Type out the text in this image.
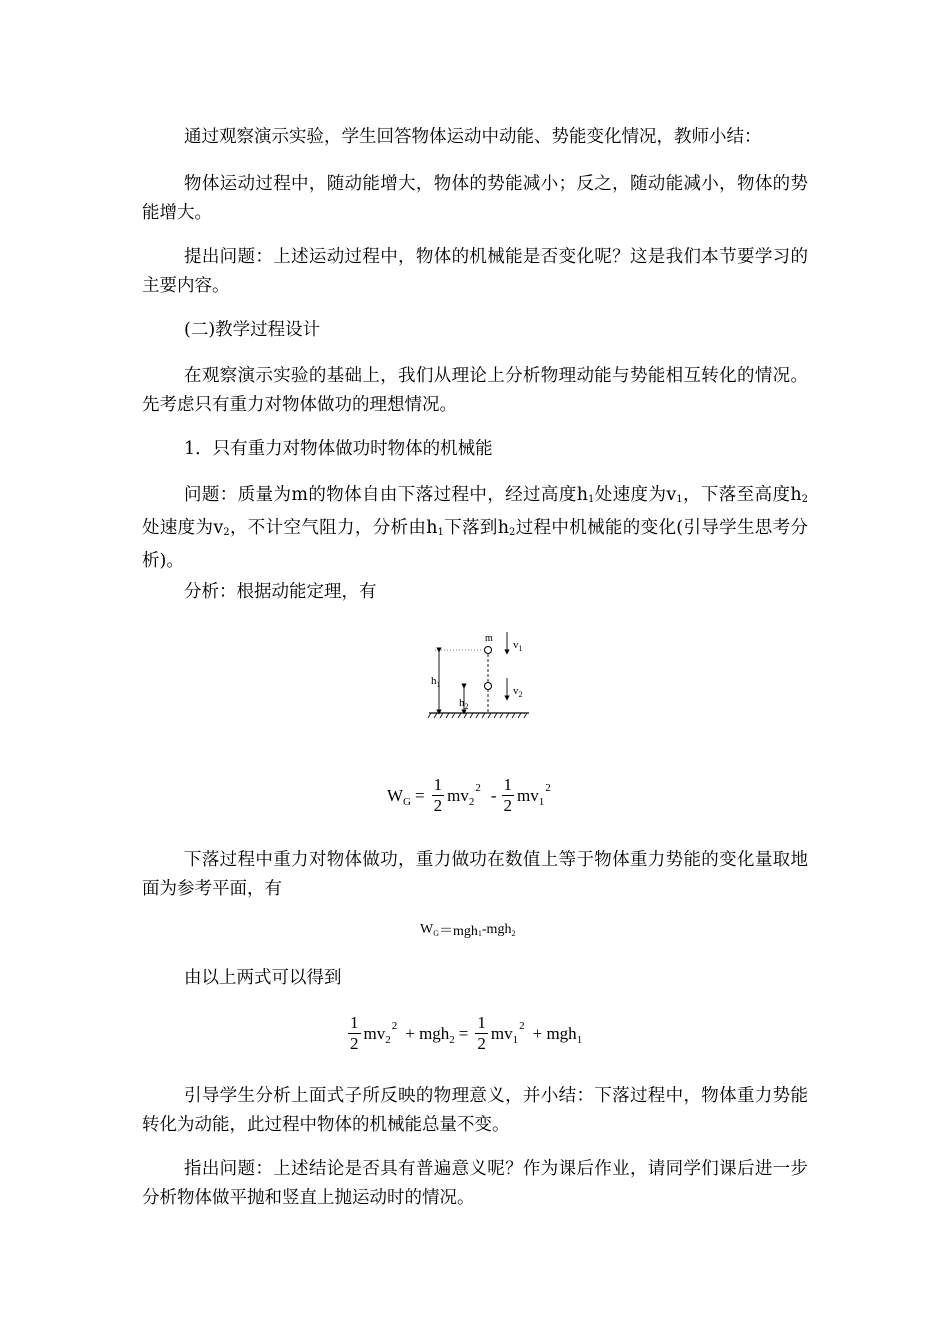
通过观察演示实验，学生回答物体运动中动能、势能变化情况，教师小结：

物体运动过程中，随动能增大，物体的势能减小；反之，随动能减小，物体的势能增大。

提出问题：上述运动过程中，物体的机械能是否变化呢？这是我们本节要学习的主要内容。

(二)教学过程设计

在观察演示实验的基础上，我们从理论上分析物理动能与势能相互转化的情况。先考虑只有重力对物体做功的理想情况。

1．只有重力对物体做功时物体的机械能

问题：质量为m的物体自由下落过程中，经过高度$h_1$处速度为$v_1$，下落至高度$h_2$处速度为$v_2$，不计空气阻力，分析由$h_1$下落到$h_2$过程中机械能的变化(引导学生思考分析)。

分析：根据动能定理，有

$h_1$
$h_2$
m
$v_1$
$v_2$
W $G = \frac{1}{2}$ mv 2
$2 - \frac{1}{2}$ mv 1
2

下落过程中重力对物体做功，重力做功在数值上等于物体重力势能的变化量取地面为参考平面，有

W G ＝mgh 1 -mgh 2

由以上两式可以得到

$\frac{1}{2}$ mv 2
2 + mgh $2 = \frac{1}{2}$ mv 1
2 + mgh 1

引导学生分析上面式子所反映的物理意义，并小结：下落过程中，物体重力势能转化为动能，此过程中物体的机械能总量不变。

指出问题：上述结论是否具有普遍意义呢？作为课后作业，请同学们课后进一步分析物体做平抛和竖直上抛运动时的情况。
